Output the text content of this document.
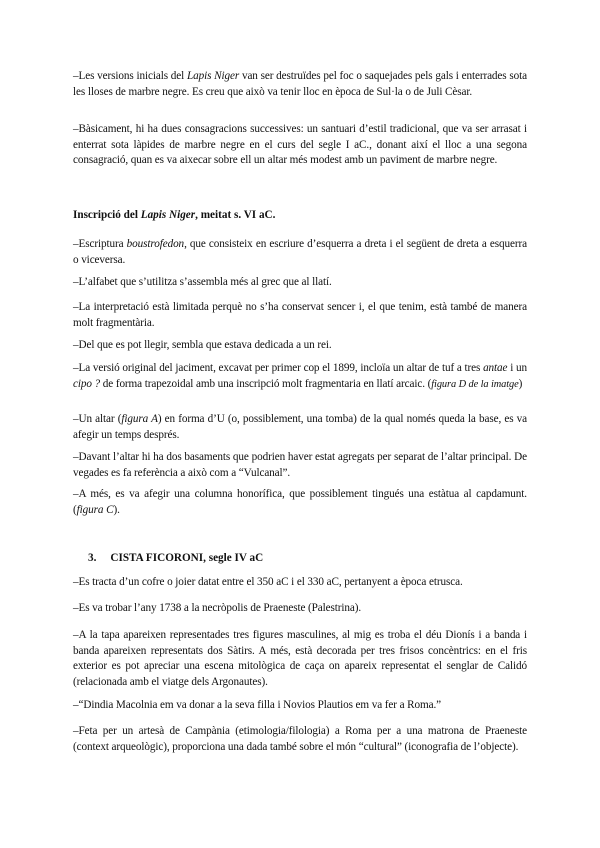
–Les versions inicials del Lapis Niger van ser destruïdes pel foc o saquejades pels gals i enterrades sota les lloses de marbre negre. Es creu que això va tenir lloc en època de Sul·la o de Juli Cèsar.

–Bàsicament, hi ha dues consagracions successives: un santuari d’estil tradicional, que va ser arrasat i enterrat sota làpides de marbre negre en el curs del segle I aC., donant així el lloc a una segona consagració, quan es va aixecar sobre ell un altar més modest amb un paviment de marbre negre.

Inscripció del Lapis Niger, meitat s. VI aC.

–Escriptura boustrofedon, que consisteix en escriure d’esquerra a dreta i el següent de dreta a esquerra o viceversa.

–L’alfabet que s’utilitza s’assembla més al grec que al llatí.

–La interpretació està limitada perquè no s’ha conservat sencer i, el que tenim, està també de manera molt fragmentària.

–Del que es pot llegir, sembla que estava dedicada a un rei.

–La versió original del jaciment, excavat per primer cop el 1899, incloïa un altar de tuf a tres antae i un cipo ? de forma trapezoidal amb una inscripció molt fragmentaria en llatí arcaic. (figura D de la imatge)

–Un altar (figura A) en forma d’U (o, possiblement, una tomba) de la qual només queda la base, es va afegir un temps després.

–Davant l’altar hi ha dos basaments que podrien haver estat agregats per separat de l’altar principal. De vegades es fa referència a això com a “Vulcanal”.

–A més, es va afegir una columna honorífica, que possiblement tingués una estàtua al capdamunt. (figura C).

3. CISTA FICORONI, segle IV aC

–Es tracta d’un cofre o joier datat entre el 350 aC i el 330 aC, pertanyent a època etrusca.

–Es va trobar l’any 1738 a la necròpolis de Praeneste (Palestrina).

–A la tapa apareixen representades tres figures masculines, al mig es troba el déu Dionís i a banda i banda apareixen representats dos Sàtirs. A més, està decorada per tres frisos concèntrics: en el fris exterior es pot apreciar una escena mitològica de caça on apareix representat el senglar de Calidó (relacionada amb el viatge dels Argonautes).

–“Dindia Macolnia em va donar a la seva filla i Novios Plautios em va fer a Roma.”

–Feta per un artesà de Campània (etimologia/filologia) a Roma per a una matrona de Praeneste (context arqueològic), proporciona una dada també sobre el món “cultural” (iconografia de l’objecte).
